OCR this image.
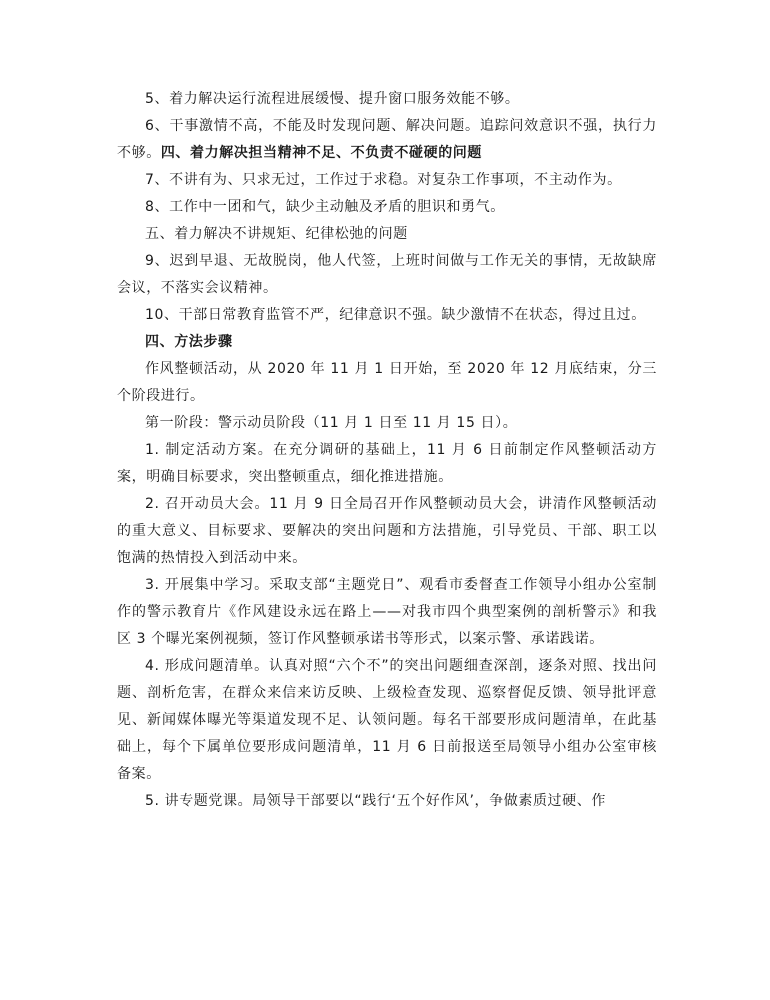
5、着力解决运行流程进展缓慢、提升窗口服务效能不够。

6、干事激情不高，不能及时发现问题、解决问题。追踪问效意识不强，执行力不够。四、着力解决担当精神不足、不负责不碰硬的问题

7、不讲有为、只求无过，工作过于求稳。对复杂工作事项，不主动作为。

8、工作中一团和气，缺少主动触及矛盾的胆识和勇气。

五、着力解决不讲规矩、纪律松弛的问题

9、迟到早退、无故脱岗，他人代签，上班时间做与工作无关的事情，无故缺席会议，不落实会议精神。

10、干部日常教育监管不严，纪律意识不强。缺少激情不在状态，得过且过。

四、方法步骤

作风整顿活动，从 2020 年 11 月 1 日开始，至 2020 年 12 月底结束，分三个阶段进行。

第一阶段：警示动员阶段（11 月 1 日至 11 月 15 日）。

1. 制定活动方案。在充分调研的基础上，11 月 6 日前制定作风整顿活动方案，明确目标要求，突出整顿重点，细化推进措施。

2. 召开动员大会。11 月 9 日全局召开作风整顿动员大会，讲清作风整顿活动的重大意义、目标要求、要解决的突出问题和方法措施，引导党员、干部、职工以饱满的热情投入到活动中来。

3. 开展集中学习。采取支部“主题党日”、观看市委督查工作领导小组办公室制作的警示教育片《作风建设永远在路上——对我市四个典型案例的剖析警示》和我区 3 个曝光案例视频，签订作风整顿承诺书等形式，以案示警、承诺践诺。

4. 形成问题清单。认真对照“六个不”的突出问题细查深剖，逐条对照、找出问题、剖析危害，在群众来信来访反映、上级检查发现、巡察督促反馈、领导批评意见、新闻媒体曝光等渠道发现不足、认领问题。每名干部要形成问题清单，在此基础上，每个下属单位要形成问题清单，11 月 6 日前报送至局领导小组办公室审核备案。

5. 讲专题党课。局领导干部要以“践行‘五个好作风’，争做素质过硬、作
